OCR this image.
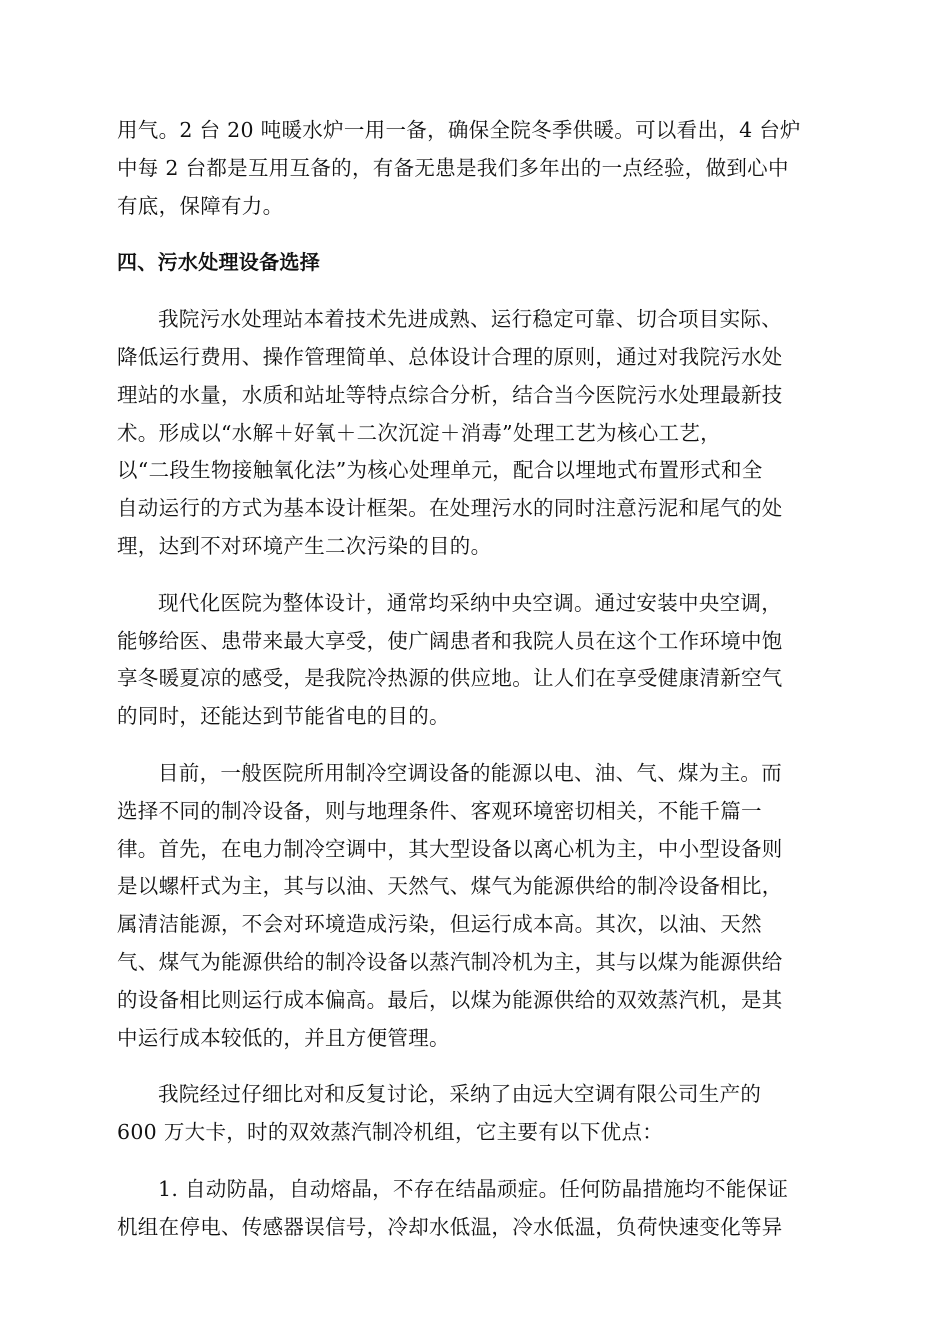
用气。2 台 20 吨暖水炉一用一备，确保全院冬季供暖。可以看出，4 台炉
中每 2 台都是互用互备的，有备无患是我们多年出的一点经验，做到心中
有底，保障有力。

四、污水处理设备选择

我院污水处理站本着技术先进成熟、运行稳定可靠、切合项目实际、
降低运行费用、操作管理简单、总体设计合理的原则，通过对我院污水处
理站的水量，水质和站址等特点综合分析，结合当今医院污水处理最新技
术。形成以“水解＋好氧＋二次沉淀＋消毒”处理工艺为核心工艺，
以“二段生物接触氧化法”为核心处理单元，配合以埋地式布置形式和全
自动运行的方式为基本设计框架。在处理污水的同时注意污泥和尾气的处
理，达到不对环境产生二次污染的目的。

现代化医院为整体设计，通常均采纳中央空调。通过安装中央空调，
能够给医、患带来最大享受，使广阔患者和我院人员在这个工作环境中饱
享冬暖夏凉的感受，是我院冷热源的供应地。让人们在享受健康清新空气
的同时，还能达到节能省电的目的。

目前，一般医院所用制冷空调设备的能源以电、油、气、煤为主。而
选择不同的制冷设备，则与地理条件、客观环境密切相关，不能千篇一
律。首先，在电力制冷空调中，其大型设备以离心机为主，中小型设备则
是以螺杆式为主，其与以油、天然气、煤气为能源供给的制冷设备相比，
属清洁能源，不会对环境造成污染，但运行成本高。其次，以油、天然
气、煤气为能源供给的制冷设备以蒸汽制冷机为主，其与以煤为能源供给
的设备相比则运行成本偏高。最后，以煤为能源供给的双效蒸汽机，是其
中运行成本较低的，并且方便管理。

我院经过仔细比对和反复讨论，采纳了由远大空调有限公司生产的
600 万大卡，时的双效蒸汽制冷机组，它主要有以下优点：

1. 自动防晶，自动熔晶，不存在结晶顽症。任何防晶措施均不能保证
机组在停电、传感器误信号，冷却水低温，冷水低温，负荷快速变化等异
